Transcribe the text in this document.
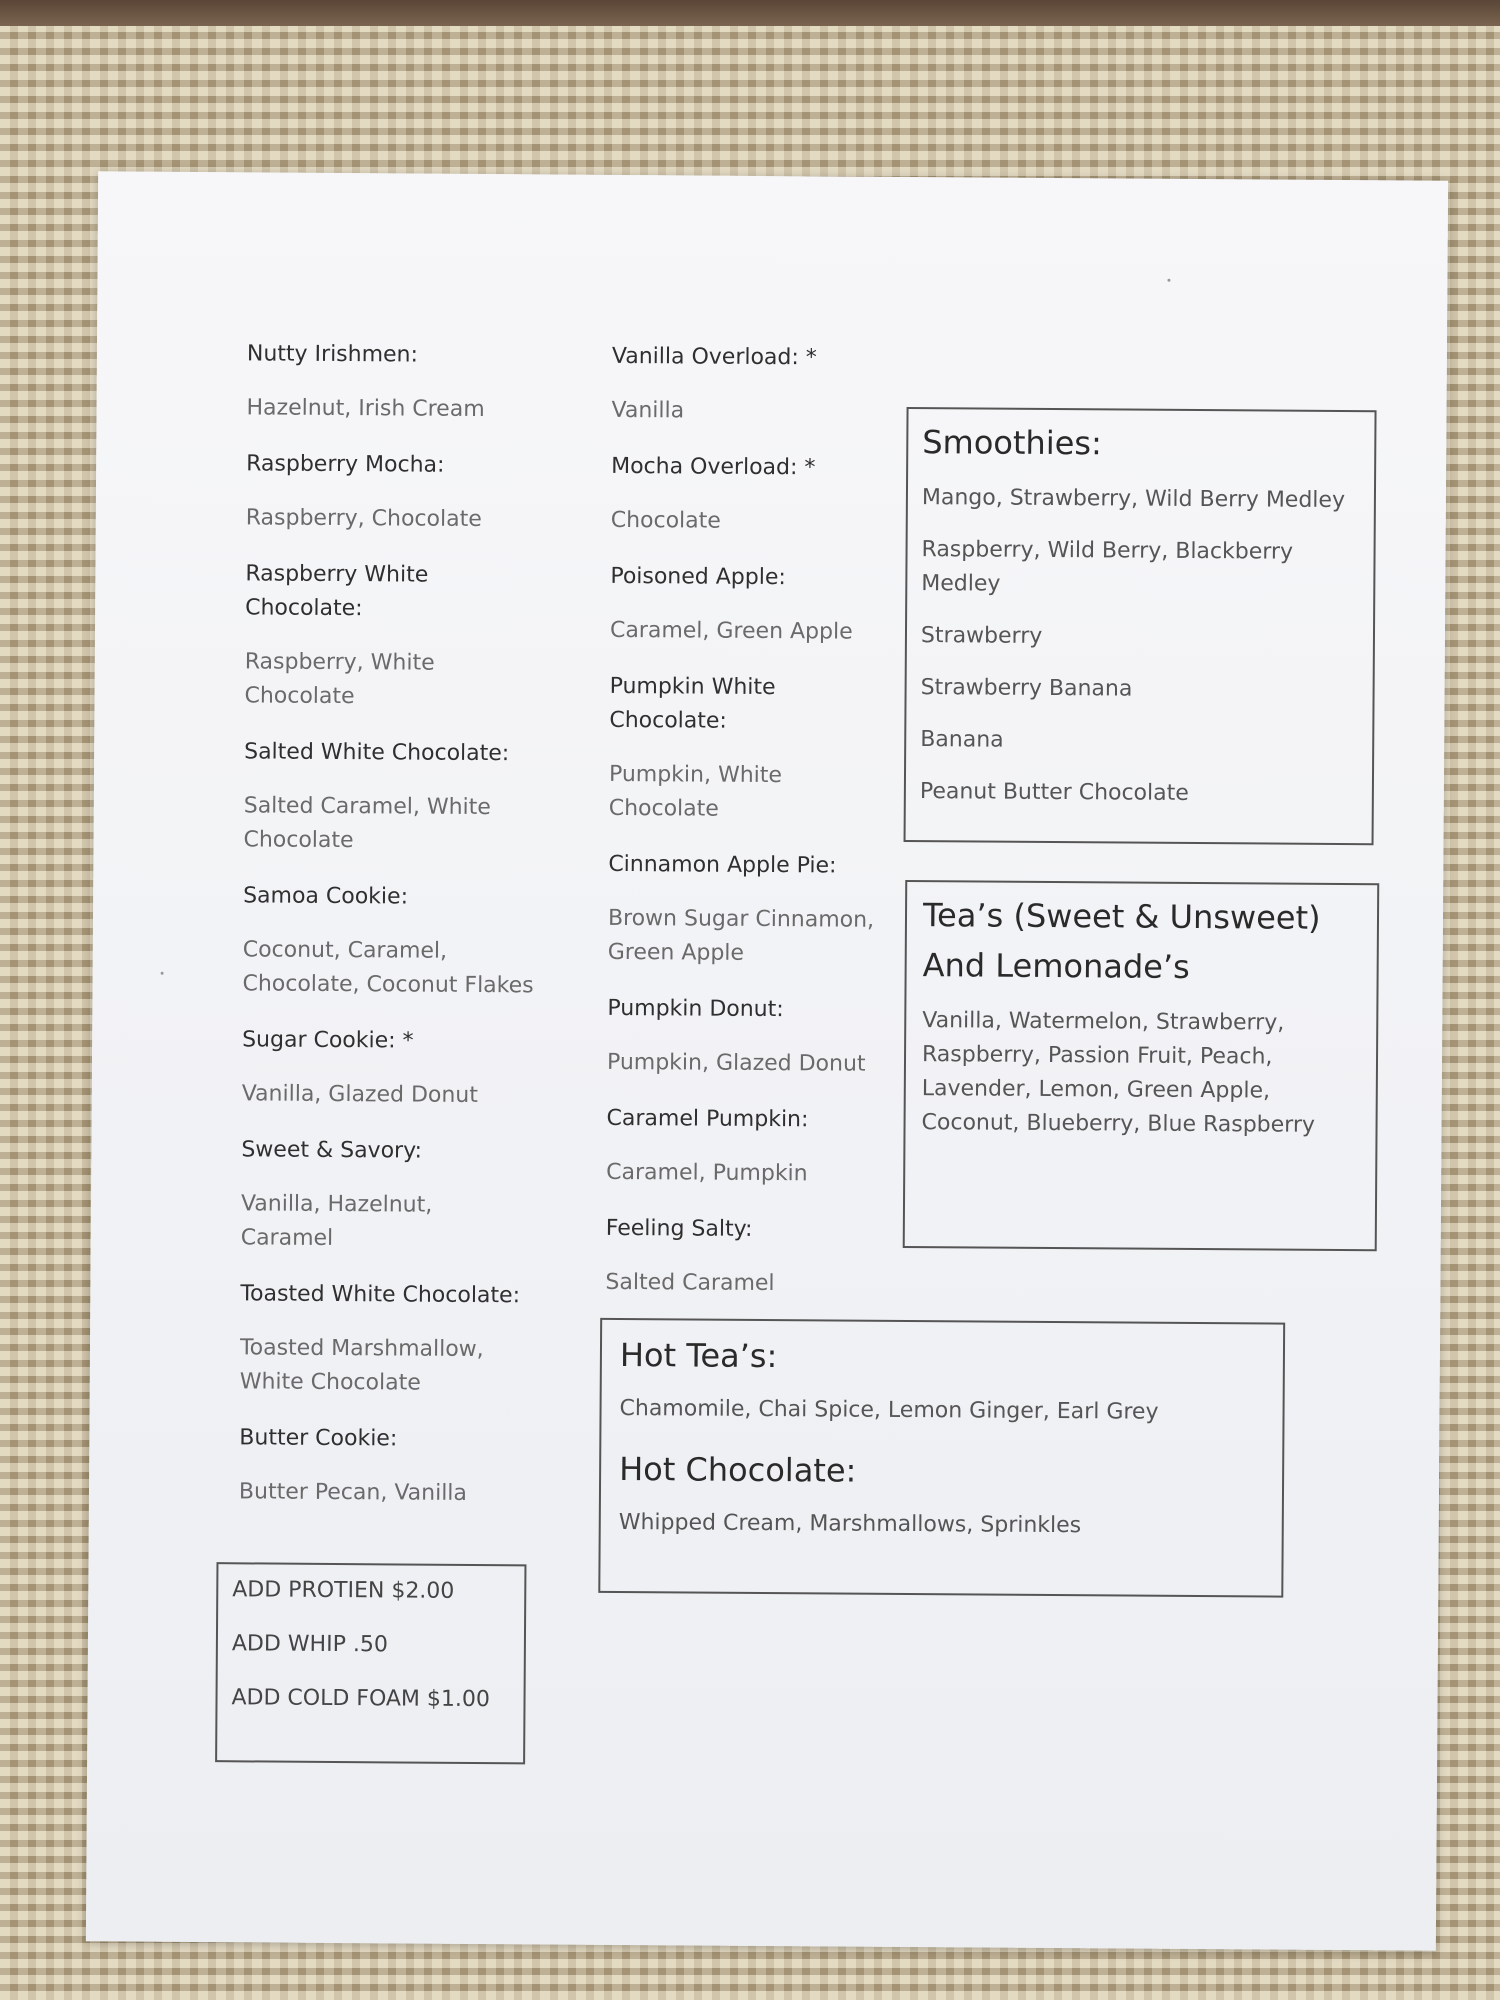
Nutty Irishmen:

Hazelnut, Irish Cream

Raspberry Mocha:

Raspberry, Chocolate

Raspberry White Chocolate:

Raspberry, White Chocolate

Salted White Chocolate:

Salted Caramel, White Chocolate

Samoa Cookie:

Coconut, Caramel, Chocolate, Coconut Flakes

Sugar Cookie: *

Vanilla, Glazed Donut

Sweet & Savory:

Vanilla, Hazelnut, Caramel

Toasted White Chocolate:

Toasted Marshmallow, White Chocolate

Butter Cookie:

Butter Pecan, Vanilla

Vanilla Overload: *

Vanilla

Mocha Overload: *

Chocolate

Poisoned Apple:

Caramel, Green Apple

Pumpkin White Chocolate:

Pumpkin, White Chocolate

Cinnamon Apple Pie:

Brown Sugar Cinnamon, Green Apple

Pumpkin Donut:

Pumpkin, Glazed Donut

Caramel Pumpkin:

Caramel, Pumpkin

Feeling Salty:

Salted Caramel

Smoothies:

Mango, Strawberry, Wild Berry Medley

Raspberry, Wild Berry, Blackberry Medley

Strawberry

Strawberry Banana

Banana

Peanut Butter Chocolate

Tea’s (Sweet & Unsweet) And Lemonade’s

Vanilla, Watermelon, Strawberry, Raspberry, Passion Fruit, Peach, Lavender, Lemon, Green Apple, Coconut, Blueberry, Blue Raspberry

Hot Tea’s:

Chamomile, Chai Spice, Lemon Ginger, Earl Grey

Hot Chocolate:

Whipped Cream, Marshmallows, Sprinkles

ADD PROTIEN $2.00

ADD WHIP .50

ADD COLD FOAM $1.00
